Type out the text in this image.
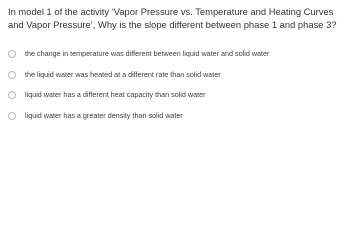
In model 1 of the activity ‘Vapor Pressure vs. Temperature and Heating Curves and Vapor Pressure’, Why is the slope different between phase 1 and phase 3?
the change in temperature was different between liquid water and solid water
the liquid water was heated at a different rate than solid water
liquid water has a different heat capacity than solid water
liquid water has a greater density than solid water
